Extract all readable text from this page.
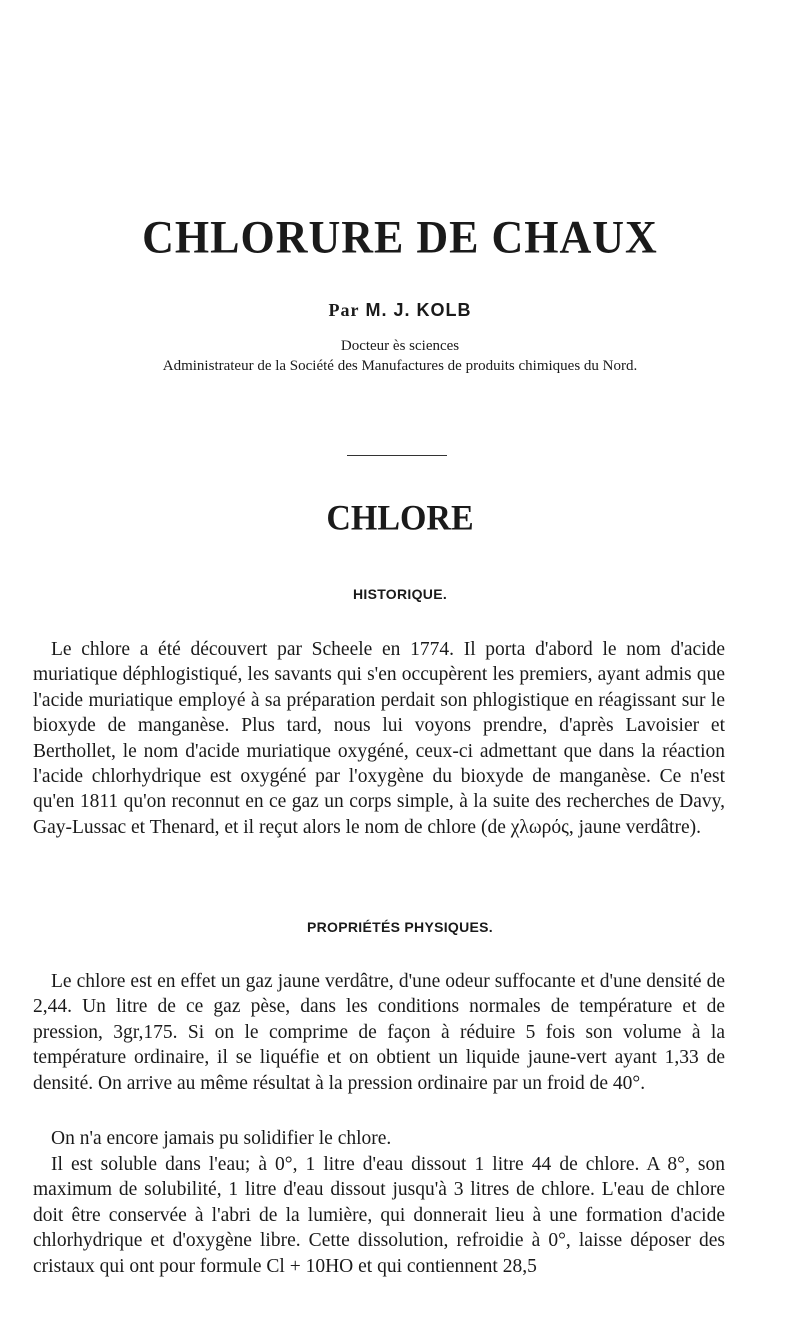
CHLORURE DE CHAUX
Par M. J. KOLB
Docteur ès sciences
Administrateur de la Société des Manufactures de produits chimiques du Nord.
CHLORE
HISTORIQUE.
Le chlore a été découvert par Scheele en 1774. Il porta d'abord le nom d'acide muriatique déphlogistiqué, les savants qui s'en occupèrent les premiers, ayant admis que l'acide muriatique employé à sa préparation perdait son phlogistique en réagissant sur le bioxyde de manganèse. Plus tard, nous lui voyons prendre, d'après Lavoisier et Berthollet, le nom d'acide muriatique oxygéné, ceux-ci admettant que dans la réaction l'acide chlorhydrique est oxygéné par l'oxygène du bioxyde de manganèse. Ce n'est qu'en 1811 qu'on reconnut en ce gaz un corps simple, à la suite des recherches de Davy, Gay-Lussac et Thenard, et il reçut alors le nom de chlore (de χλωρός, jaune verdâtre).
PROPRIÉTÉS PHYSIQUES.
Le chlore est en effet un gaz jaune verdâtre, d'une odeur suffocante et d'une densité de 2,44. Un litre de ce gaz pèse, dans les conditions normales de température et de pression, 3gr,175. Si on le comprime de façon à réduire 5 fois son volume à la température ordinaire, il se liquéfie et on obtient un liquide jaune-vert ayant 1,33 de densité. On arrive au même résultat à la pression ordinaire par un froid de 40°.
On n'a encore jamais pu solidifier le chlore.
Il est soluble dans l'eau; à 0°, 1 litre d'eau dissout 1 litre 44 de chlore. A 8°, son maximum de solubilité, 1 litre d'eau dissout jusqu'à 3 litres de chlore. L'eau de chlore doit être conservée à l'abri de la lumière, qui donnerait lieu à une formation d'acide chlorhydrique et d'oxygène libre. Cette dissolution, refroidie à 0°, laisse déposer des cristaux qui ont pour formule Cl + 10HO et qui contiennent 28,5
